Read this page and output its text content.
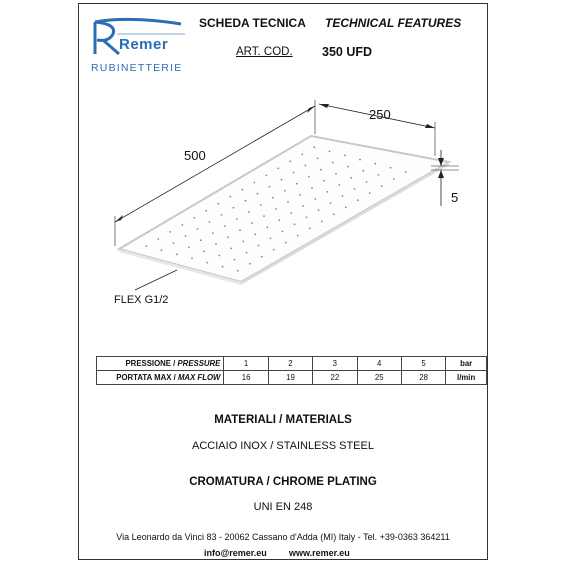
Remer
RUBINETTERIE
SCHEDA TECNICA TECHNICAL FEATURES
ART. COD. 350 UFD
500
250
5
FLEX G1/2
PRESSIONE / PRESSURE	1	2	3	4	5	bar
PORTATA MAX / MAX FLOW	16	19	22	25	28	l/min
MATERIALI / MATERIALS
ACCIAIO INOX / STAINLESS STEEL
CROMATURA / CHROME PLATING
UNI EN 248
Via Leonardo da Vinci 83 - 20062 Cassano d'Adda (MI) Italy - Tel. +39-0363 364211
info@remer.eu www.remer.eu
